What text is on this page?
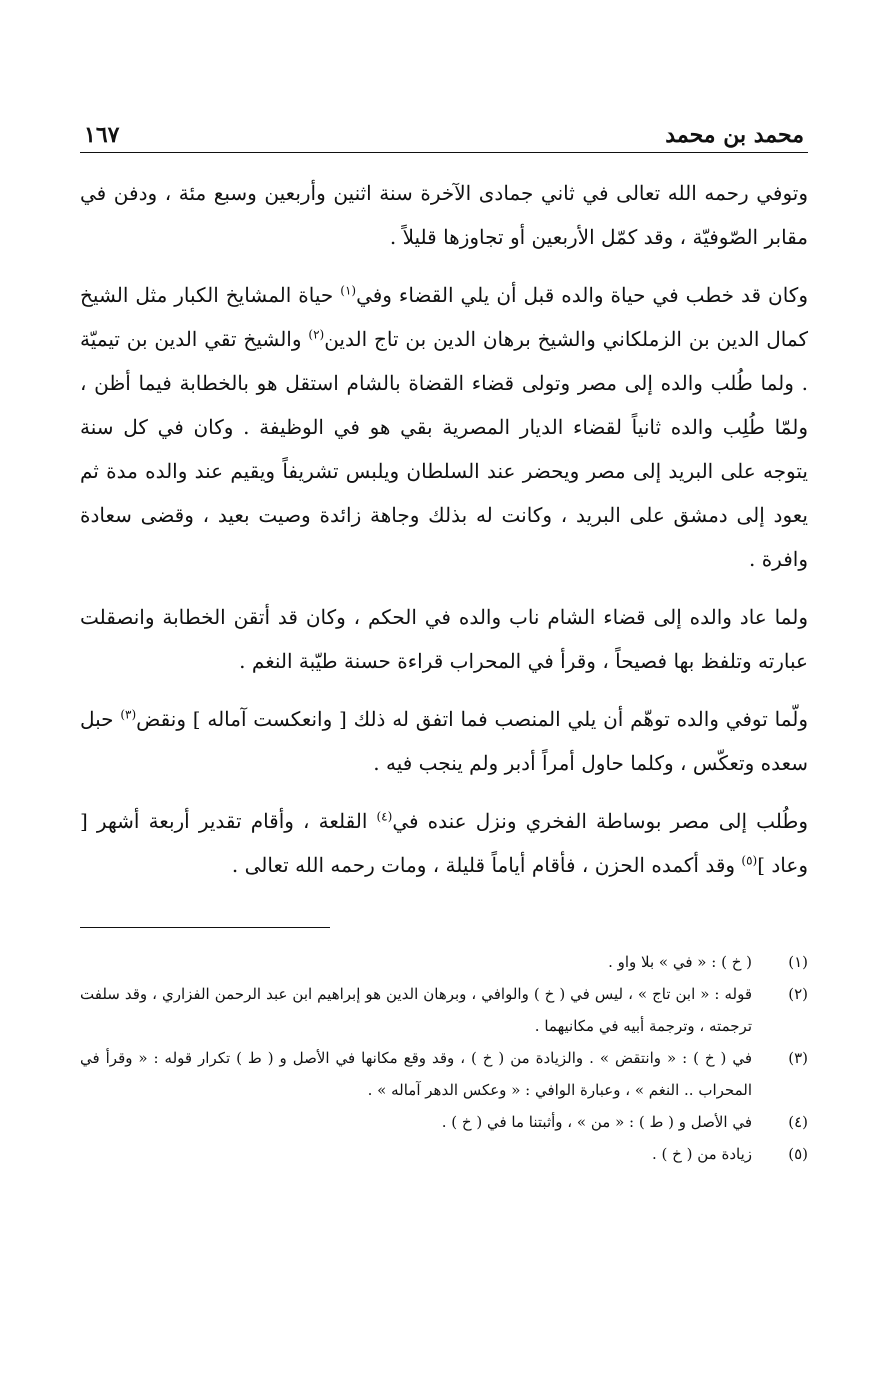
محمد بن محمد
١٦٧

وتوفي رحمه الله تعالى في ثاني جمادى الآخرة سنة اثنين وأربعين وسبع مئة ، ودفن في مقابر الصّوفيّة ، وقد كمّل الأربعين أو تجاوزها قليلاً .

وكان قد خطب في حياة والده قبل أن يلي القضاء وفي$^{(١)}$ حياة المشايخ الكبار مثل الشيخ كمال الدين بن الزملكاني والشيخ برهان الدين بن تاج الدين$^{(٢)}$ والشيخ تقي الدين بن تيميّة . ولما طُلب والده إلى مصر وتولى قضاء القضاة بالشام استقل هو بالخطابة فيما أظن ، ولمّا طُلِب والده ثانياً لقضاء الديار المصرية بقي هو في الوظيفة . وكان في كل سنة يتوجه على البريد إلى مصر ويحضر عند السلطان ويلبس تشريفاً ويقيم عند والده مدة ثم يعود إلى دمشق على البريد ، وكانت له بذلك وجاهة زائدة وصيت بعيد ، وقضى سعادة وافرة .

ولما عاد والده إلى قضاء الشام ناب والده في الحكم ، وكان قد أتقن الخطابة وانصقلت عبارته وتلفظ بها فصيحاً ، وقرأ في المحراب قراءة حسنة طيّبة النغم .

ولّما توفي والده توهّم أن يلي المنصب فما اتفق له ذلك [ وانعكست آماله ] ونقض$^{(٣)}$ حبل سعده وتعكّس ، وكلما حاول أمراً أدبر ولم ينجب فيه .

وطُلب إلى مصر بوساطة الفخري ونزل عنده في$^{(٤)}$ القلعة ، وأقام تقدير أربعة أشهر [ وعاد ]$^{(٥)}$ وقد أكمده الحزن ، فأقام أياماً قليلة ، ومات رحمه الله تعالى .

(١)
( خ ) : « في » بلا واو .
(٢)
قوله : « ابن تاج » ، ليس في ( خ ) والوافي ، وبرهان الدين هو إبراهيم ابن عبد الرحمن الفزاري ، وقد سلفت ترجمته ، وترجمة أبيه في مكانيهما .
(٣)
في ( خ ) : « وانتقض » . والزيادة من ( خ ) ، وقد وقع مكانها في الأصل و ( ط ) تكرار قوله : « وقرأ في المحراب .. النغم » ، وعبارة الوافي : « وعكس الدهر آماله » .
(٤)
في الأصل و ( ط ) : « من » ، وأثبتنا ما في ( خ ) .
(٥)
زيادة من ( خ ) .
